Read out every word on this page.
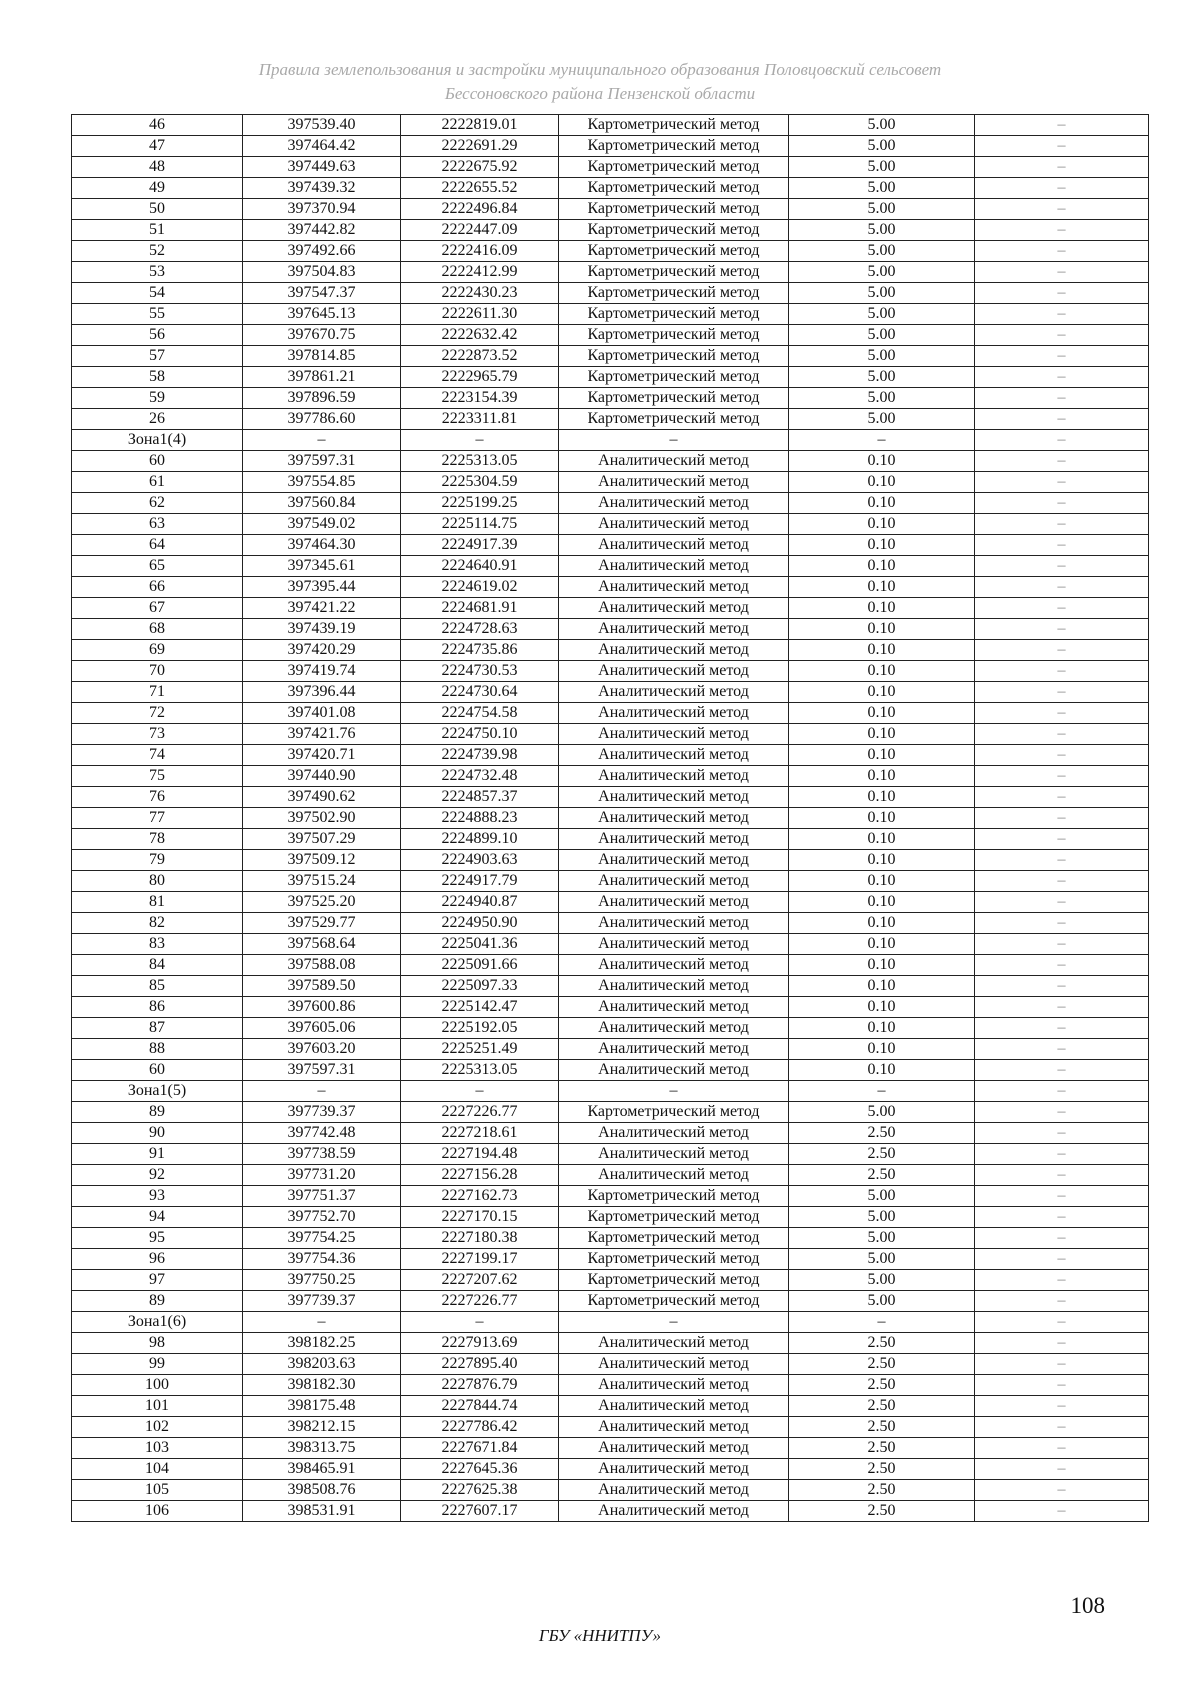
Правила землепользования и застройки муниципального образования Половцовский сельсовет
Бессоновского района Пензенской области
46	397539.40	2222819.01	Картометрический метод	5.00	–
47	397464.42	2222691.29	Картометрический метод	5.00	–
48	397449.63	2222675.92	Картометрический метод	5.00	–
49	397439.32	2222655.52	Картометрический метод	5.00	–
50	397370.94	2222496.84	Картометрический метод	5.00	–
51	397442.82	2222447.09	Картометрический метод	5.00	–
52	397492.66	2222416.09	Картометрический метод	5.00	–
53	397504.83	2222412.99	Картометрический метод	5.00	–
54	397547.37	2222430.23	Картометрический метод	5.00	–
55	397645.13	2222611.30	Картометрический метод	5.00	–
56	397670.75	2222632.42	Картометрический метод	5.00	–
57	397814.85	2222873.52	Картометрический метод	5.00	–
58	397861.21	2222965.79	Картометрический метод	5.00	–
59	397896.59	2223154.39	Картометрический метод	5.00	–
26	397786.60	2223311.81	Картометрический метод	5.00	–
Зона1(4)	–	–	–	–	–
60	397597.31	2225313.05	Аналитический метод	0.10	–
61	397554.85	2225304.59	Аналитический метод	0.10	–
62	397560.84	2225199.25	Аналитический метод	0.10	–
63	397549.02	2225114.75	Аналитический метод	0.10	–
64	397464.30	2224917.39	Аналитический метод	0.10	–
65	397345.61	2224640.91	Аналитический метод	0.10	–
66	397395.44	2224619.02	Аналитический метод	0.10	–
67	397421.22	2224681.91	Аналитический метод	0.10	–
68	397439.19	2224728.63	Аналитический метод	0.10	–
69	397420.29	2224735.86	Аналитический метод	0.10	–
70	397419.74	2224730.53	Аналитический метод	0.10	–
71	397396.44	2224730.64	Аналитический метод	0.10	–
72	397401.08	2224754.58	Аналитический метод	0.10	–
73	397421.76	2224750.10	Аналитический метод	0.10	–
74	397420.71	2224739.98	Аналитический метод	0.10	–
75	397440.90	2224732.48	Аналитический метод	0.10	–
76	397490.62	2224857.37	Аналитический метод	0.10	–
77	397502.90	2224888.23	Аналитический метод	0.10	–
78	397507.29	2224899.10	Аналитический метод	0.10	–
79	397509.12	2224903.63	Аналитический метод	0.10	–
80	397515.24	2224917.79	Аналитический метод	0.10	–
81	397525.20	2224940.87	Аналитический метод	0.10	–
82	397529.77	2224950.90	Аналитический метод	0.10	–
83	397568.64	2225041.36	Аналитический метод	0.10	–
84	397588.08	2225091.66	Аналитический метод	0.10	–
85	397589.50	2225097.33	Аналитический метод	0.10	–
86	397600.86	2225142.47	Аналитический метод	0.10	–
87	397605.06	2225192.05	Аналитический метод	0.10	–
88	397603.20	2225251.49	Аналитический метод	0.10	–
60	397597.31	2225313.05	Аналитический метод	0.10	–
Зона1(5)	–	–	–	–	–
89	397739.37	2227226.77	Картометрический метод	5.00	–
90	397742.48	2227218.61	Аналитический метод	2.50	–
91	397738.59	2227194.48	Аналитический метод	2.50	–
92	397731.20	2227156.28	Аналитический метод	2.50	–
93	397751.37	2227162.73	Картометрический метод	5.00	–
94	397752.70	2227170.15	Картометрический метод	5.00	–
95	397754.25	2227180.38	Картометрический метод	5.00	–
96	397754.36	2227199.17	Картометрический метод	5.00	–
97	397750.25	2227207.62	Картометрический метод	5.00	–
89	397739.37	2227226.77	Картометрический метод	5.00	–
Зона1(6)	–	–	–	–	–
98	398182.25	2227913.69	Аналитический метод	2.50	–
99	398203.63	2227895.40	Аналитический метод	2.50	–
100	398182.30	2227876.79	Аналитический метод	2.50	–
101	398175.48	2227844.74	Аналитический метод	2.50	–
102	398212.15	2227786.42	Аналитический метод	2.50	–
103	398313.75	2227671.84	Аналитический метод	2.50	–
104	398465.91	2227645.36	Аналитический метод	2.50	–
105	398508.76	2227625.38	Аналитический метод	2.50	–
106	398531.91	2227607.17	Аналитический метод	2.50	–
108
ГБУ «ННИТПУ»
